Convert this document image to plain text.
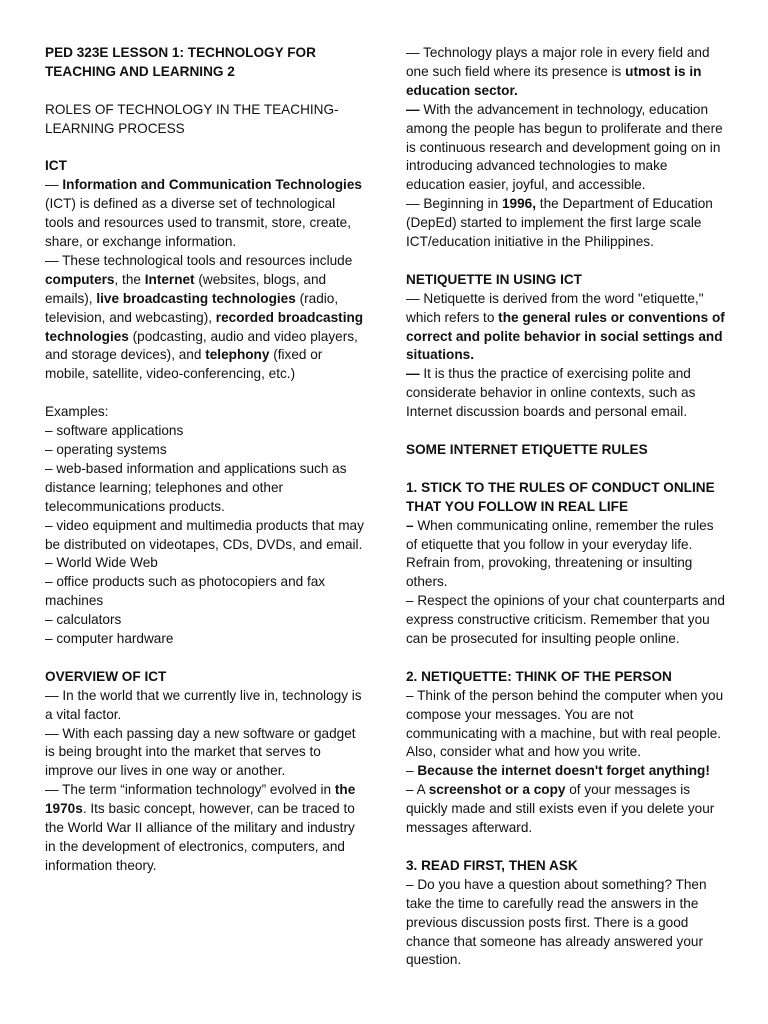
PED 323E LESSON 1: TECHNOLOGY FOR TEACHING AND LEARNING 2

ROLES OF TECHNOLOGY IN THE TEACHING-LEARNING PROCESS

ICT

— Information and Communication Technologies (ICT) is defined as a diverse set of technological tools and resources used to transmit, store, create, share, or exchange information.

— These technological tools and resources include computers, the Internet (websites, blogs, and emails), live broadcasting technologies (radio, television, and webcasting), recorded broadcasting technologies (podcasting, audio and video players, and storage devices), and telephony (fixed or mobile, satellite, video-conferencing, etc.)

Examples:

– software applications

– operating systems

– web-based information and applications such as distance learning; telephones and other telecommunications products.

– video equipment and multimedia products that may be distributed on videotapes, CDs, DVDs, and email.

– World Wide Web

– office products such as photocopiers and fax machines

– calculators

– computer hardware

OVERVIEW OF ICT

— In the world that we currently live in, technology is a vital factor.

— With each passing day a new software or gadget is being brought into the market that serves to improve our lives in one way or another.

— The term “information technology” evolved in the 1970s. Its basic concept, however, can be traced to the World War II alliance of the military and industry in the development of electronics, computers, and information theory.

— Technology plays a major role in every field and one such field where its presence is utmost is in education sector.

— With the advancement in technology, education among the people has begun to proliferate and there is continuous research and development going on in introducing advanced technologies to make education easier, joyful, and accessible.

— Beginning in 1996, the Department of Education (DepEd) started to implement the first large scale ICT/education initiative in the Philippines.

NETIQUETTE IN USING ICT

— Netiquette is derived from the word "etiquette," which refers to the general rules or conventions of correct and polite behavior in social settings and situations.

— It is thus the practice of exercising polite and considerate behavior in online contexts, such as Internet discussion boards and personal email.

SOME INTERNET ETIQUETTE RULES

1. STICK TO THE RULES OF CONDUCT ONLINE THAT YOU FOLLOW IN REAL LIFE

– When communicating online, remember the rules of etiquette that you follow in your everyday life. Refrain from, provoking, threatening or insulting others.

– Respect the opinions of your chat counterparts and express constructive criticism. Remember that you can be prosecuted for insulting people online.

2. NETIQUETTE: THINK OF THE PERSON

– Think of the person behind the computer when you compose your messages. You are not communicating with a machine, but with real people. Also, consider what and how you write.

– Because the internet doesn't forget anything!

– A screenshot or a copy of your messages is quickly made and still exists even if you delete your messages afterward.

3. READ FIRST, THEN ASK

– Do you have a question about something? Then take the time to carefully read the answers in the previous discussion posts first. There is a good chance that someone has already answered your question.
